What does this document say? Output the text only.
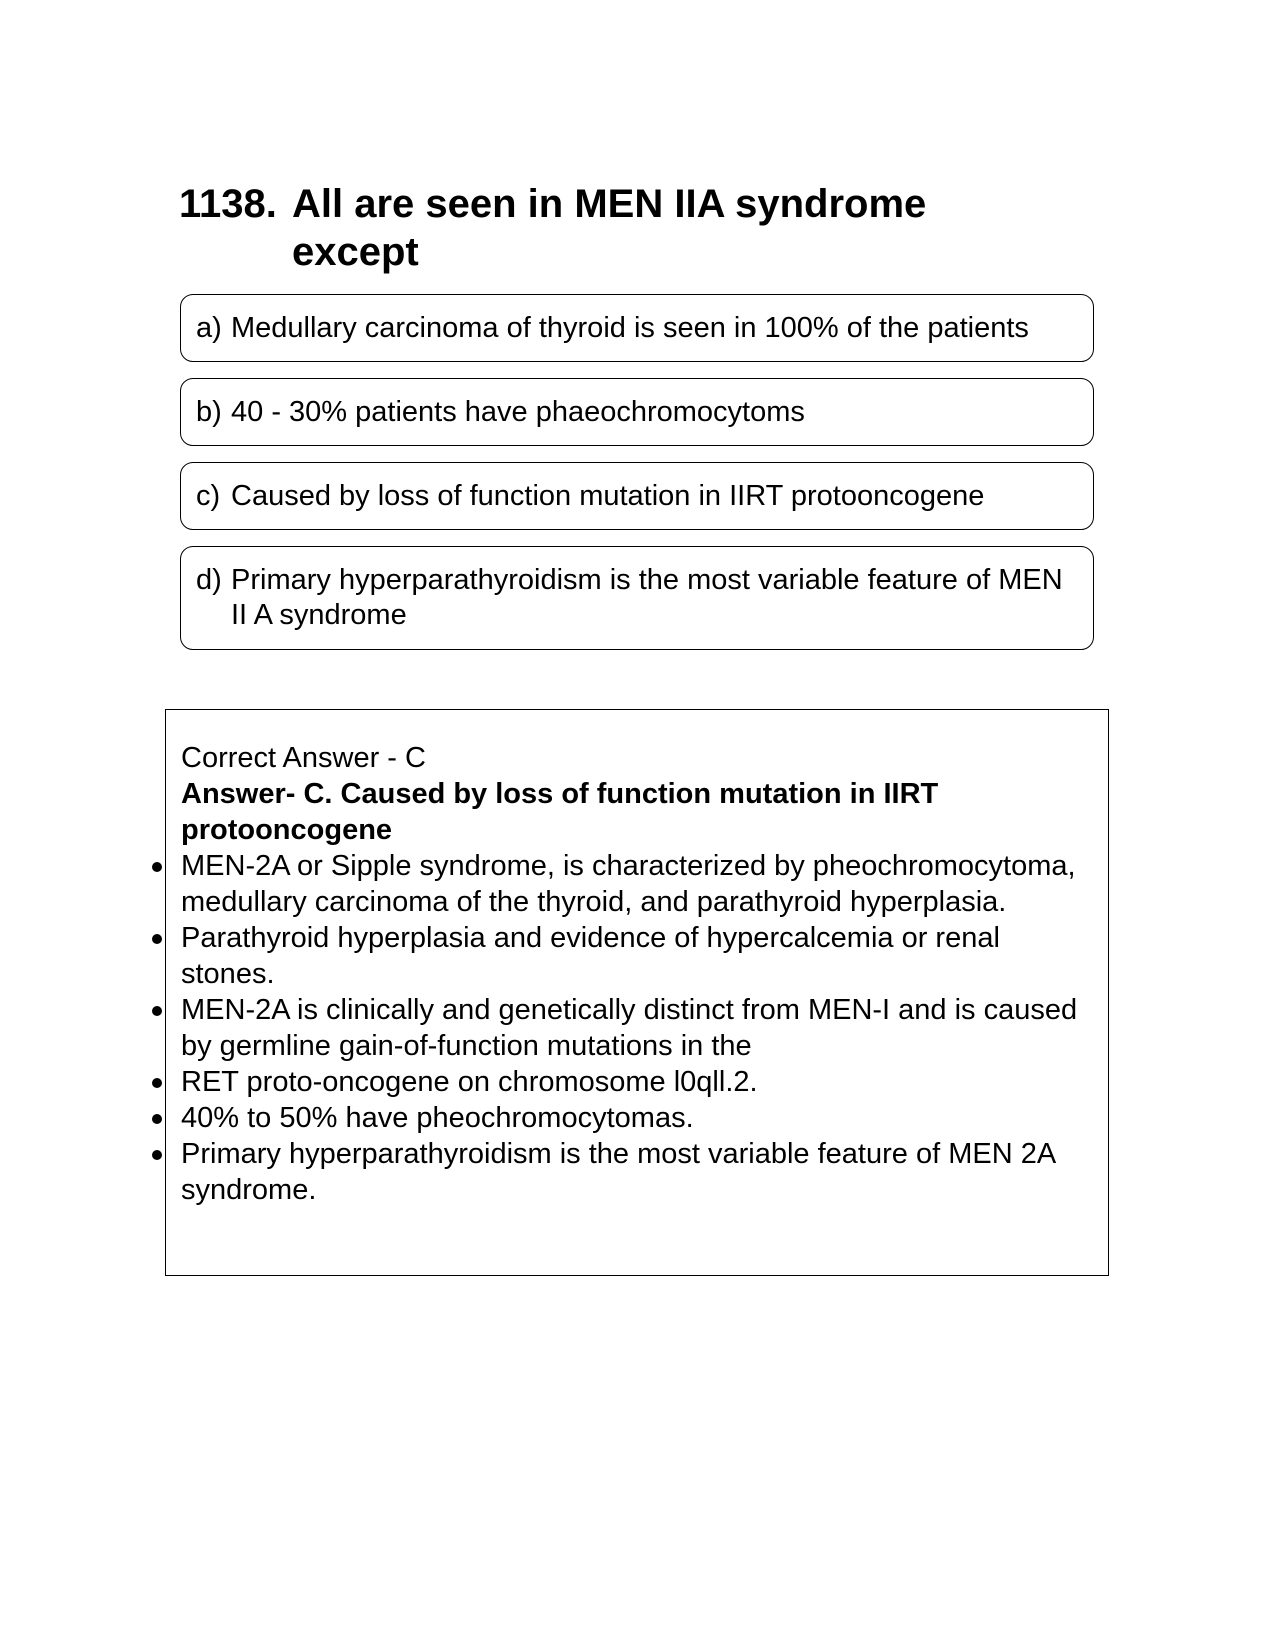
1138. All are seen in MEN IIA syndrome except
a) Medullary carcinoma of thyroid is seen in 100% of the patients
b) 40 - 30% patients have phaeochromocytoms
c) Caused by loss of function mutation in IIRT protooncogene
d) Primary hyperparathyroidism is the most variable feature of MEN II A syndrome

Correct Answer - C

Answer- C. Caused by loss of function mutation in IIRT protooncogene

MEN-2A or Sipple syndrome, is characterized by pheochromocytoma, medullary carcinoma of the thyroid, and parathyroid hyperplasia.
Parathyroid hyperplasia and evidence of hypercalcemia or renal stones.
MEN-2A is clinically and genetically distinct from MEN-I and is caused by germline gain-of-function mutations in the
RET proto-oncogene on chromosome l0qll.2.
40% to 50% have pheochromocytomas.
Primary hyperparathyroidism is the most variable feature of MEN 2A syndrome.
